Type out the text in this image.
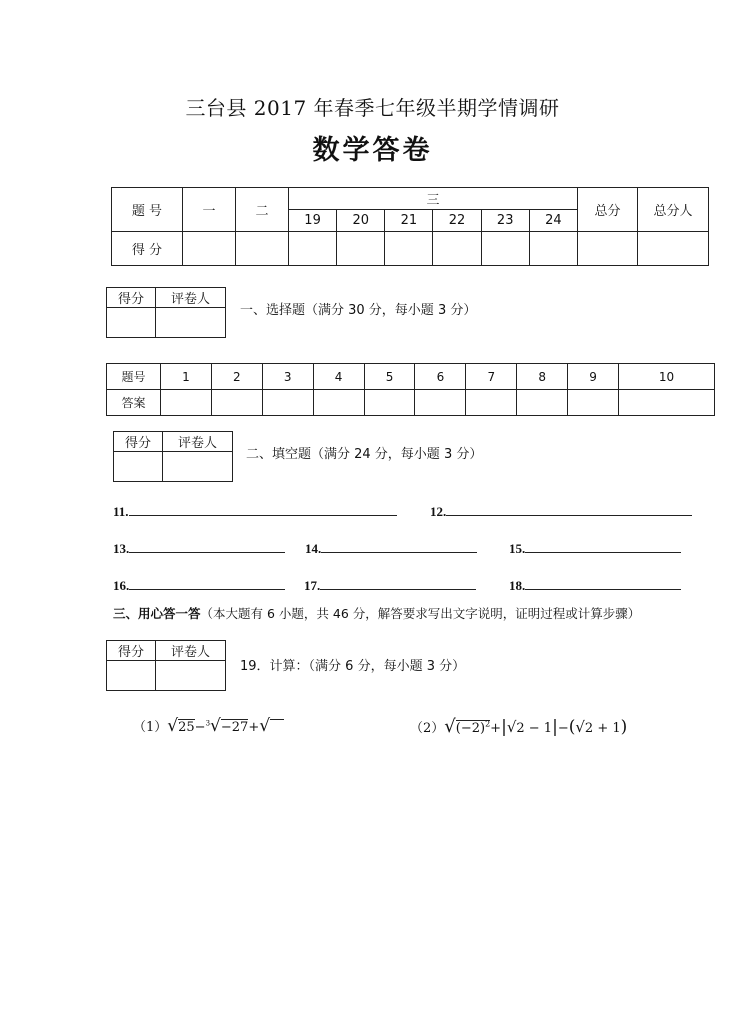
三台县 2017 年春季七年级半期学情调研
数学答卷
题 号	一	二	三						总分	总分人
			19	20	21	22	23	24		
得 分										
得分	评卷人

一、选择题（满分 30 分，每小题 3 分）
题号	1	2	3	4	5	6	7	8	9	10
答案										
得分	评卷人

二、填空题（满分 24 分，每小题 3 分）
11.	12.
13.	14.	15.
16.	17.	18.
三、用心答一答（本大题有 6 小题，共 46 分，解答要求写出文字说明，证明过程或计算步骤）
得分	评卷人

19．计算：（满分 6 分，每小题 3 分）
（1）√25−$^3$√−27+√	$(2)√(-2)^2+|√2 - 1|-(√2 + 1)$
